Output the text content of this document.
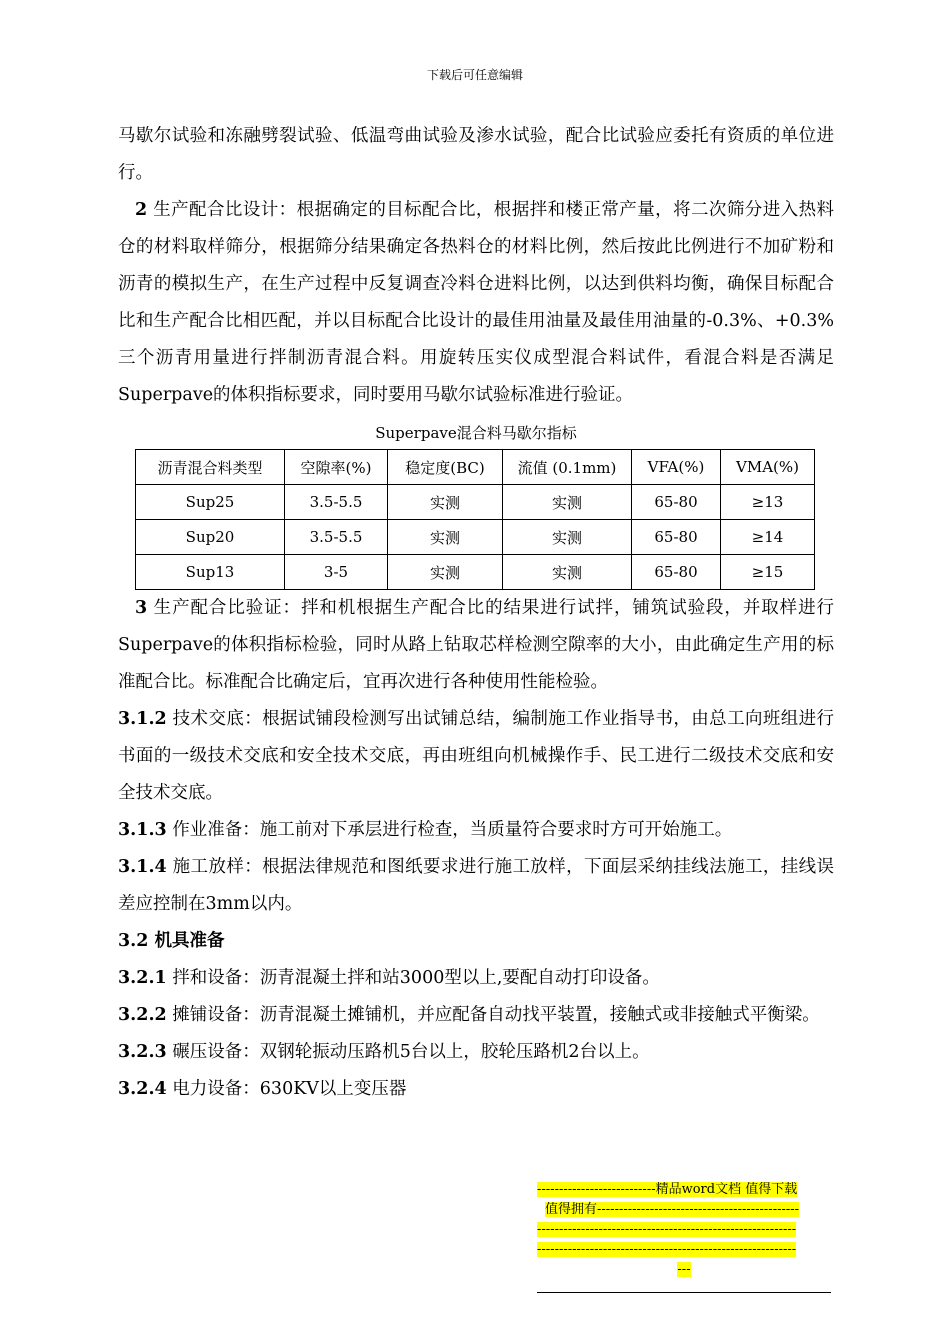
下载后可任意编辑

马歇尔试验和冻融劈裂试验、低温弯曲试验及渗水试验，配合比试验应委托有资质的单位进行。

2 生产配合比设计：根据确定的目标配合比，根据拌和楼正常产量，将二次筛分进入热料仓的材料取样筛分，根据筛分结果确定各热料仓的材料比例，然后按此比例进行不加矿粉和沥青的模拟生产，在生产过程中反复调查冷料仓进料比例，以达到供料均衡，确保目标配合比和生产配合比相匹配，并以目标配合比设计的最佳用油量及最佳用油量的-0.3%、+0.3%三个沥青用量进行拌制沥青混合料。用旋转压实仪成型混合料试件，看混合料是否满足Superpave的体积指标要求，同时要用马歇尔试验标准进行验证。

Superpave混合料马歇尔指标
沥青混合料类型	空隙率(%)	稳定度(BC)	流值 (0.1mm)	VFA(%)	VMA(%)
Sup25	3.5-5.5	实测	实测	65-80	≥13
Sup20	3.5-5.5	实测	实测	65-80	≥14
Sup13	3-5	实测	实测	65-80	≥15

3 生产配合比验证：拌和机根据生产配合比的结果进行试拌，铺筑试验段，并取样进行Superpave的体积指标检验，同时从路上钻取芯样检测空隙率的大小，由此确定生产用的标准配合比。标准配合比确定后，宜再次进行各种使用性能检验。

3.1.2 技术交底：根据试铺段检测写出试铺总结，编制施工作业指导书，由总工向班组进行书面的一级技术交底和安全技术交底，再由班组向机械操作手、民工进行二级技术交底和安全技术交底。

3.1.3 作业准备：施工前对下承层进行检查，当质量符合要求时方可开始施工。

3.1.4 施工放样：根据法律规范和图纸要求进行施工放样，下面层采纳挂线法施工，挂线误差应控制在3mm以内。

3.2 机具准备

3.2.1 拌和设备：沥青混凝土拌和站3000型以上,要配自动打印设备。

3.2.2 摊铺设备：沥青混凝土摊铺机，并应配备自动找平装置，接触式或非接触式平衡梁。

3.2.3 碾压设备：双钢轮振动压路机5台以上，胶轮压路机2台以上。

3.2.4 电力设备：630KV以上变压器

---------------------------精品word文档 值得下载
值得拥有----------------------------------------------
-----------------------------------------------------------
-----------------------------------------------------------
---
